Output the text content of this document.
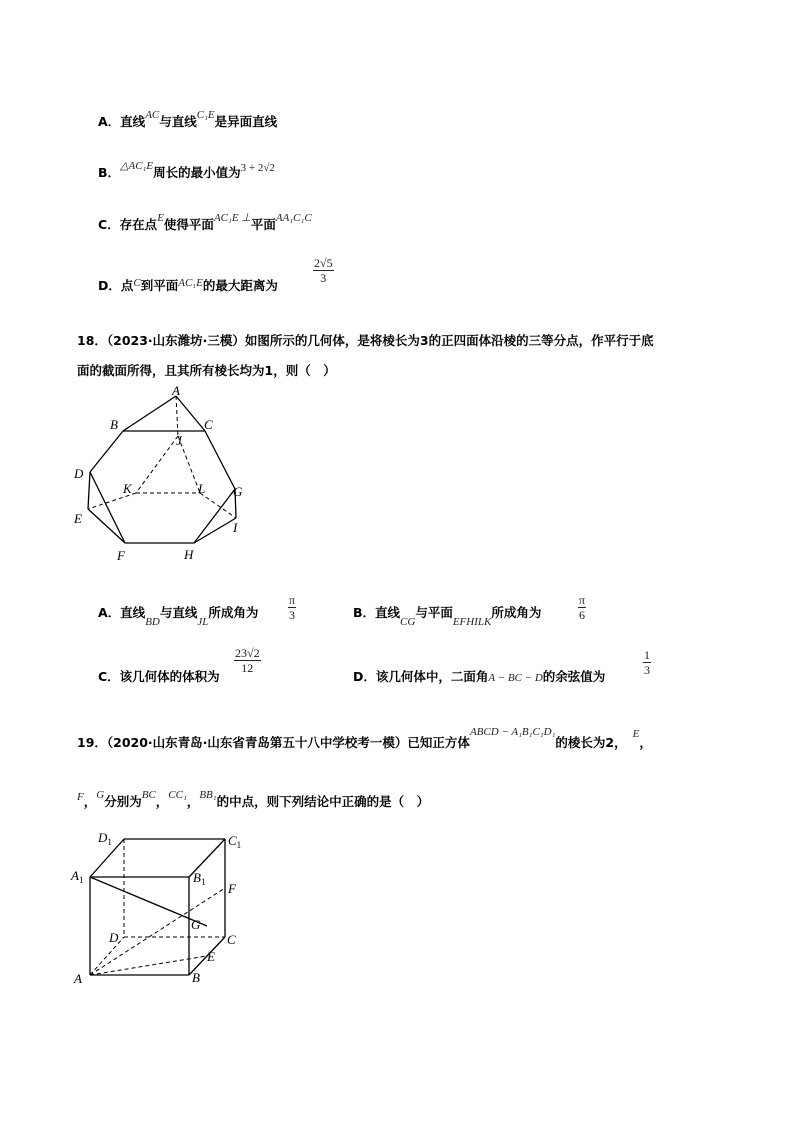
A．直线AC与直线C₁E是异面直线
B．△AC₁E周长的最小值为3 + 2√2
C．存在点E使得平面AC₁E ⊥平面AA₁C₁C
D．点C到平面AC₁E的最大距离为
$\frac{2√5}{3}$
18．（2023·山东潍坊·三模）如图所示的几何体，是将棱长为3的正四面体沿棱的三等分点，作平行于底
面的截面所得，且其所有棱长均为1，则（　）
A
B	C
D
E
F
G
H
I
J
K	L
A．直线BD与直线JL所成角为 $\frac{\pi}{3}$	B．直线CG与平面EFHILK所成角为	$\frac{\pi}{6}$
C．该几何体的体积为
$\frac{23√2}{12}$
D．该几何体中，二面角A − BC − D的余弦值为	$\frac{1}{3}$
19．（2020·山东青岛·山东省青岛第五十八中学校考一模）已知正方体ABCD − A₁B₁C₁D₁的棱长为2，E，
F，G分别为BC，CC₁，BB₁的中点，则下列结论中正确的是（　）
$D_1$	$C_1$
$A_1$	$B_1$ F
G
D	C
E
A	B
